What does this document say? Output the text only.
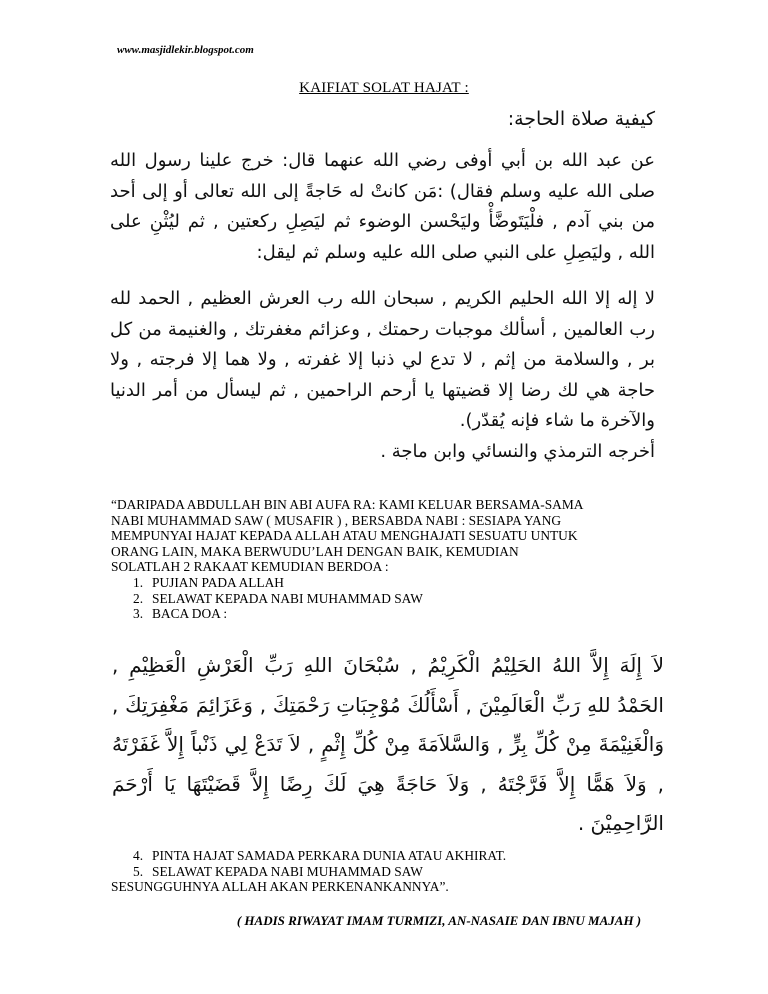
www.masjidlekir.blogspot.com
KAIFIAT SOLAT HAJAT :
كيفية صلاة الحاجة:

عن عبد الله بن أبي أوفى رضي الله عنهما قال: خرج علينا رسول الله صلى الله عليه وسلم فقال) :مَن كانتْ له حَاجةً إلى الله تعالى أو إلى أحد من بني آدم , فلْيَتَوضَّأْ وليَحْسن الوضوء ثم ليَصِلِ ركعتين , ثم ليُثْنِ على الله , وليَصِلِ على النبي صلى الله عليه وسلم ثم ليقل:

لا إله إلا الله الحليم الكريم , سبحان الله رب العرش العظيم , الحمد لله رب العالمين , أسألك موجبات رحمتك , وعزائم مغفرتك , والغنيمة من كل بر , والسلامة من إثم , لا تدع لي ذنبا إلا غفرته , ولا هما إلا فرجته , ولا حاجة هي لك رضا إلا قضيتها يا أرحم الراحمين , ثم ليسأل من أمر الدنيا والآخرة ما شاء فإنه يُقدّر).

أخرجه الترمذي والنسائي وابن ماجة .

“DARIPADA ABDULLAH BIN ABI AUFA RA: KAMI KELUAR BERSAMA-SAMA
NABI MUHAMMAD SAW ( MUSAFIR ) , BERSABDA NABI : SESIAPA YANG
MEMPUNYAI HAJAT KEPADA ALLAH ATAU MENGHAJATI SESUATU UNTUK
ORANG LAIN, MAKA BERWUDU’LAH DENGAN BAIK, KEMUDIAN
SOLATLAH 2 RAKAAT KEMUDIAN BERDOA :
1. PUJIAN PADA ALLAH
2. SELAWAT KEPADA NABI MUHAMMAD SAW
3. BACA DOA :
لاَ إِلَهَ إِلاَّ اللهُ الحَلِيْمُ الْكَرِيْمُ , سُبْحَانَ اللهِ رَبِّ الْعَرْشِ الْعَظِيْمِ , الحَمْدُ للهِ رَبِّ الْعَالَمِيْنَ , أَسْأَلُكَ مُوْجِبَاتِ رَحْمَتِكَ , وَعَزَائِمَ مَغْفِرَتِكَ , وَالْغَنِيْمَةَ مِنْ كُلِّ بِرٍّ , وَالسَّلاَمَةَ مِنْ كُلِّ إِثْمٍ , لاَ تَدَعْ لِي ذَنْباً إِلاَّ غَفَرْتَهُ , وَلاَ هَمًّا إِلاَّ فَرَّجْتَهُ , وَلاَ حَاجَةً هِيَ لَكَ رِضًا إِلاَّ قَضَيْتَهَا يَا أَرْحَمَ الرَّاحِمِيْنَ .
4. PINTA HAJAT SAMADA PERKARA DUNIA ATAU AKHIRAT.
5. SELAWAT KEPADA NABI MUHAMMAD SAW
SESUNGGUHNYA ALLAH AKAN PERKENANKANNYA”.
( HADIS RIWAYAT IMAM TURMIZI, AN-NASAIE DAN IBNU MAJAH )
